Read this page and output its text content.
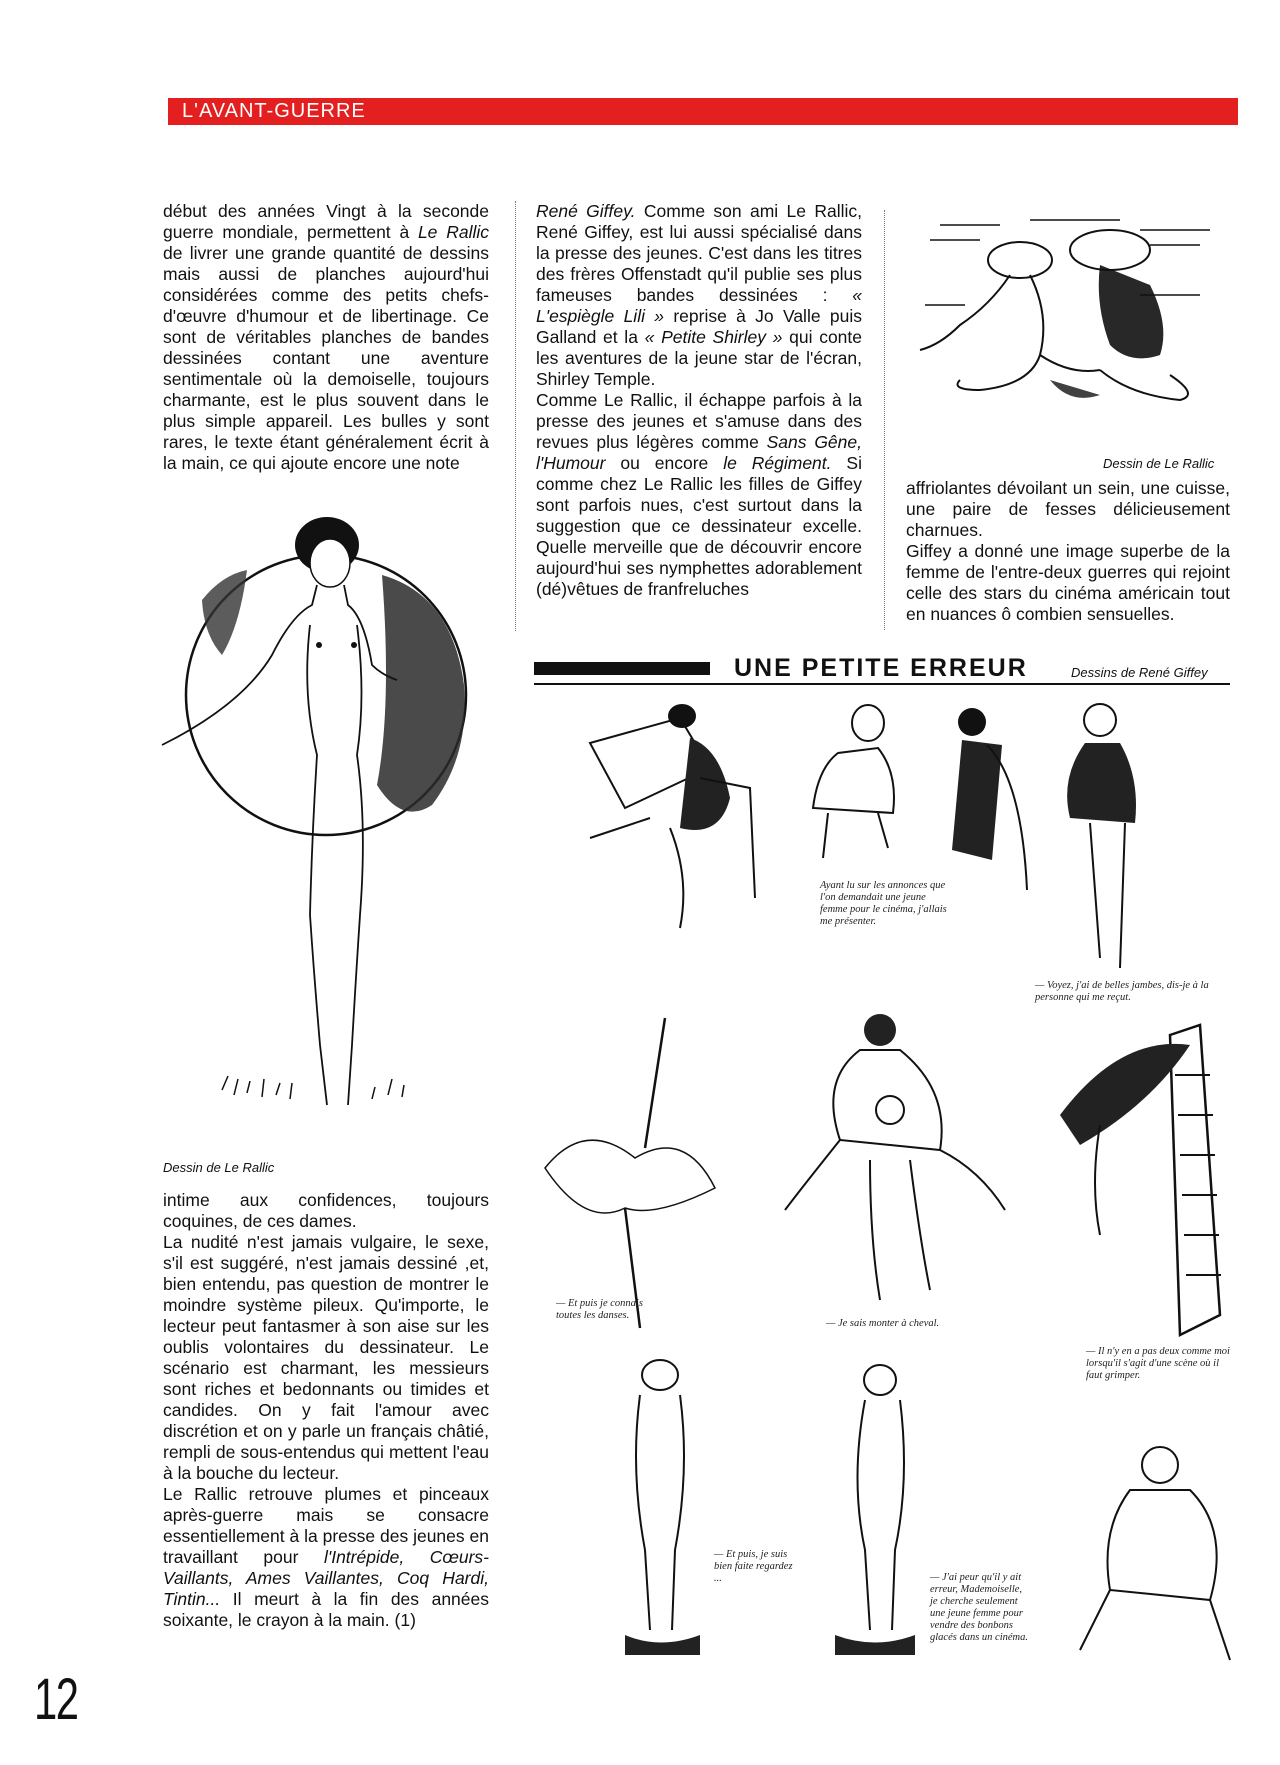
L'AVANT-GUERRE

début des années Vingt à la seconde guerre mondiale, permettent à Le Rallic de livrer une grande quantité de dessins mais aussi de planches aujourd'hui considérées comme des petits chefs-d'œuvre d'humour et de libertinage. Ce sont de véritables planches de bandes dessinées contant une aventure sentimentale où la demoiselle, toujours charmante, est le plus souvent dans le plus simple appareil. Les bulles y sont rares, le texte étant généralement écrit à la main, ce qui ajoute encore une note

Dessin de Le Rallic

intime aux confidences, toujours coquines, de ces dames.

La nudité n'est jamais vulgaire, le sexe, s'il est suggéré, n'est jamais dessiné ,et, bien entendu, pas question de montrer le moindre système pileux. Qu'importe, le lecteur peut fantasmer à son aise sur les oublis volontaires du dessinateur. Le scénario est charmant, les messieurs sont riches et bedonnants ou timides et candides. On y fait l'amour avec discrétion et on y parle un français châtié, rempli de sous-entendus qui mettent l'eau à la bouche du lecteur.

Le Rallic retrouve plumes et pinceaux après-guerre mais se consacre essentiellement à la presse des jeunes en travaillant pour l'Intrépide, Cœurs-Vaillants, Ames Vaillantes, Coq Hardi, Tintin... Il meurt à la fin des années soixante, le crayon à la main. (1)

René Giffey. Comme son ami Le Rallic, René Giffey, est lui aussi spécialisé dans la presse des jeunes. C'est dans les titres des frères Offenstadt qu'il publie ses plus fameuses bandes dessinées : « L'espiègle Lili » reprise à Jo Valle puis Galland et la « Petite Shirley » qui conte les aventures de la jeune star de l'écran, Shirley Temple.

Comme Le Rallic, il échappe parfois à la presse des jeunes et s'amuse dans des revues plus légères comme Sans Gêne, l'Humour ou encore le Régiment. Si comme chez Le Rallic les filles de Giffey sont parfois nues, c'est surtout dans la suggestion que ce dessinateur excelle. Quelle merveille que de découvrir encore aujourd'hui ses nymphettes adorablement (dé)vêtues de franfreluches

Dessin de Le Rallic

affriolantes dévoilant un sein, une cuisse, une paire de fesses délicieusement charnues.

Giffey a donné une image superbe de la femme de l'entre-deux guerres qui rejoint celle des stars du cinéma américain tout en nuances ô combien sensuelles.

UNE PETITE ERREUR	Dessins de René Giffey
Ayant lu sur les annonces que l'on demandait une jeune femme pour le cinéma, j'allais me présenter.
— Voyez, j'ai de belles jambes, dis-je à la personne qui me reçut.
— Et puis je connais toutes les danses.
— Je sais monter à cheval.
— Il n'y en a pas deux comme moi lorsqu'il s'agit d'une scène où il faut grimper.
— Et puis, je suis bien faite regardez ...	— J'ai peur qu'il y ait erreur, Mademoiselle, je cherche seulement une jeune femme pour vendre des bonbons glacés dans un cinéma.
12
